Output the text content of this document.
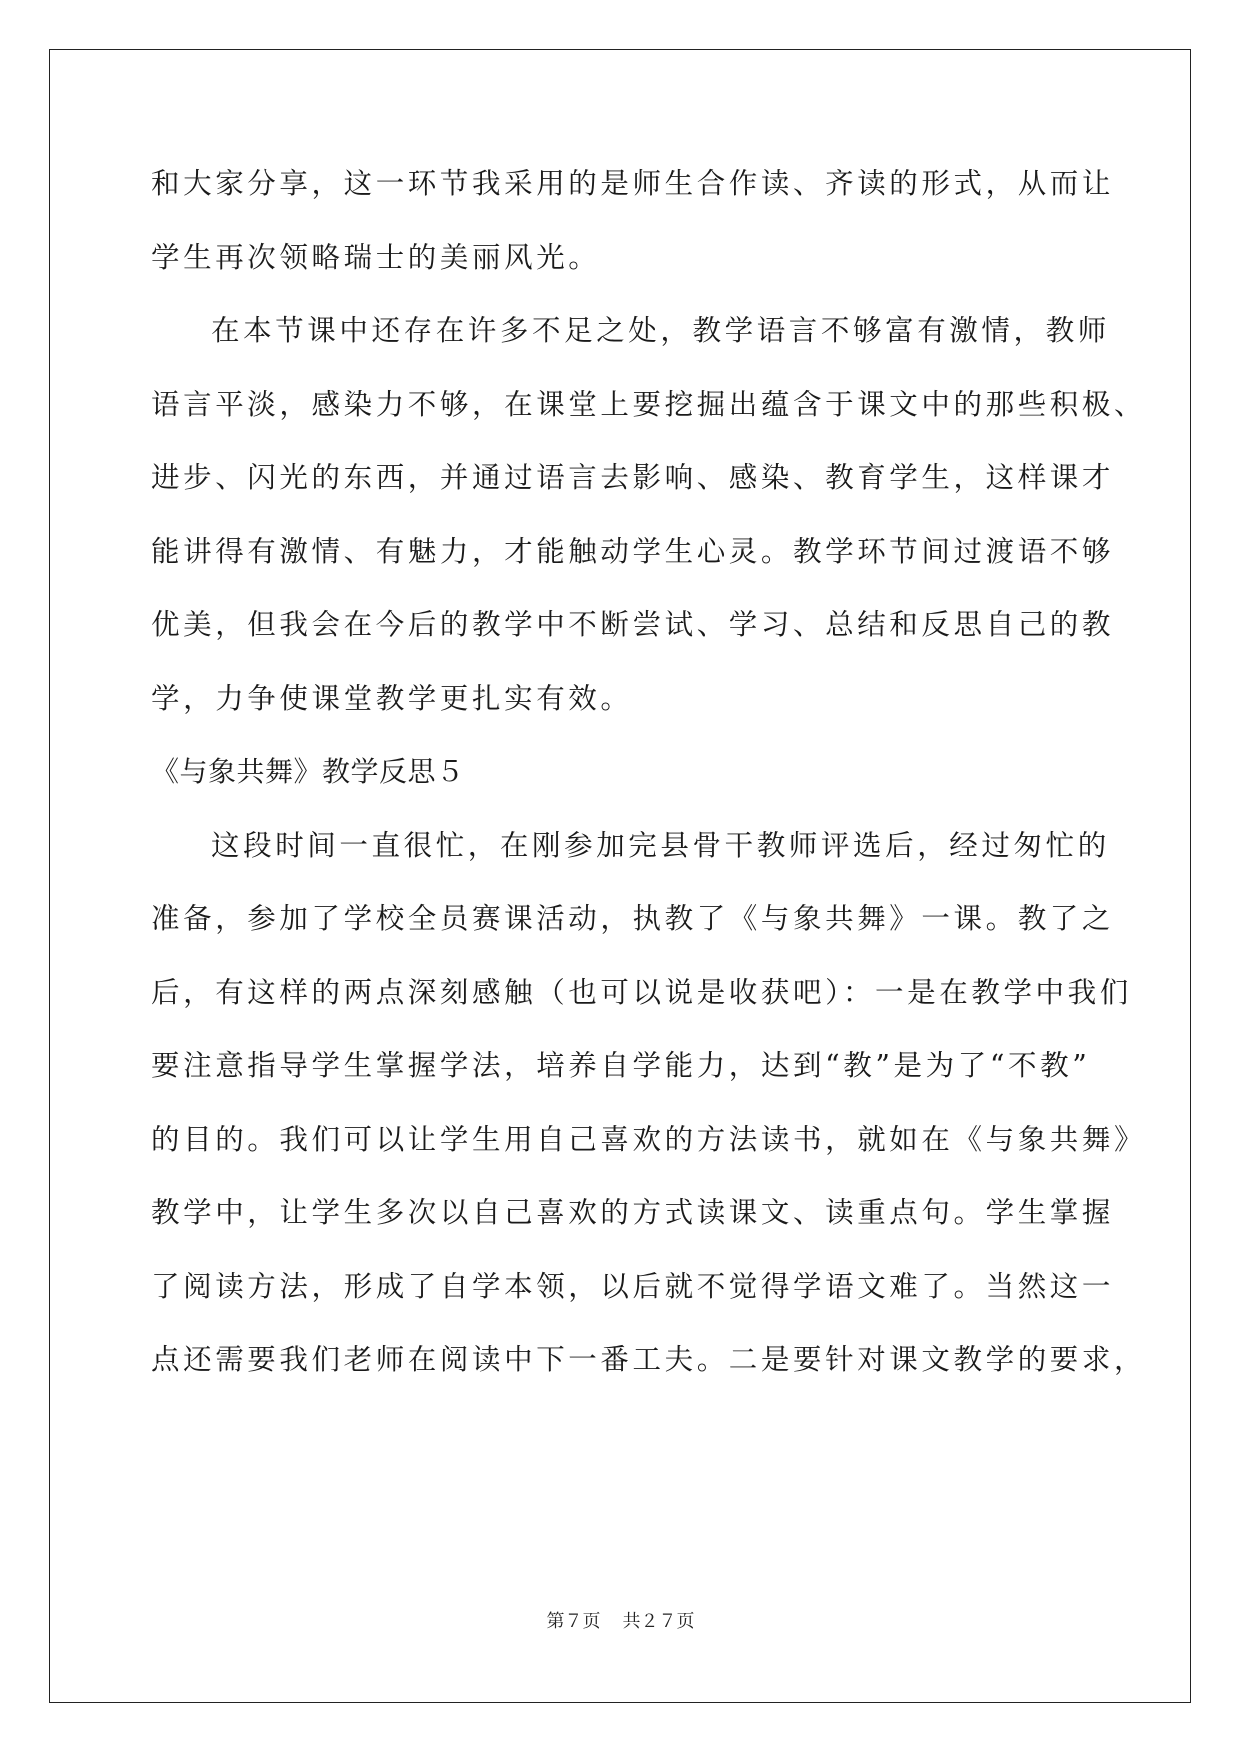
和大家分享，这一环节我采用的是师生合作读、齐读的形式，从而让
学生再次领略瑞士的美丽风光。
在本节课中还存在许多不足之处，教学语言不够富有激情，教师
语言平淡，感染力不够，在课堂上要挖掘出蕴含于课文中的那些积极、
进步、闪光的东西，并通过语言去影响、感染、教育学生，这样课才
能讲得有激情、有魅力，才能触动学生心灵。教学环节间过渡语不够
优美，但我会在今后的教学中不断尝试、学习、总结和反思自己的教
学，力争使课堂教学更扎实有效。
《与象共舞》教学反思５
这段时间一直很忙，在刚参加完县骨干教师评选后，经过匆忙的
准备，参加了学校全员赛课活动，执教了《与象共舞》一课。教了之
后，有这样的两点深刻感触（也可以说是收获吧）：一是在教学中我们
要注意指导学生掌握学法，培养自学能力，达到“教”是为了“不教”
的目的。我们可以让学生用自己喜欢的方法读书，就如在《与象共舞》
教学中，让学生多次以自己喜欢的方式读课文、读重点句。学生掌握
了阅读方法，形成了自学本领，以后就不觉得学语文难了。当然这一
点还需要我们老师在阅读中下一番工夫。二是要针对课文教学的要求，
第７页 共２７页
